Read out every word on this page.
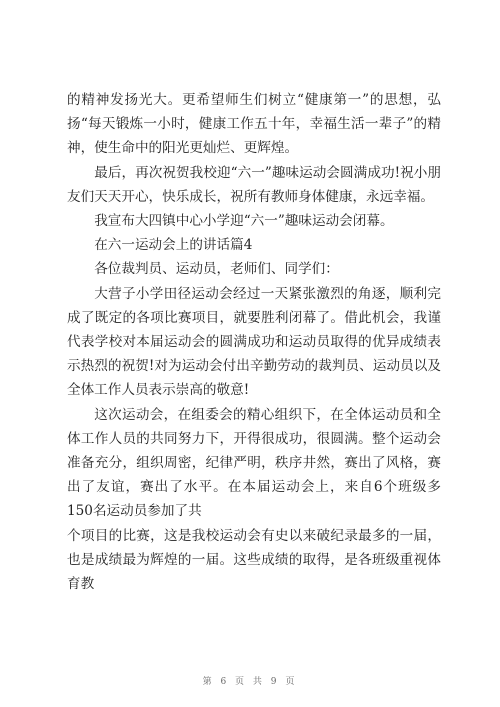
的精神发扬光大。更希望师生们树立“健康第一”的思想，弘扬“每天锻炼一小时，健康工作五十年，幸福生活一辈子”的精神，使生命中的阳光更灿烂、更辉煌。

最后，再次祝贺我校迎“六一”趣味运动会圆满成功!祝小朋友们天天开心，快乐成长，祝所有教师身体健康，永远幸福。

我宣布大四镇中心小学迎“六一”趣味运动会闭幕。

在六一运动会上的讲话篇4

各位裁判员、运动员，老师们、同学们：

大营子小学田径运动会经过一天紧张激烈的角逐，顺利完成了既定的各项比赛项目，就要胜利闭幕了。借此机会，我谨代表学校对本届运动会的圆满成功和运动员取得的优异成绩表示热烈的祝贺!对为运动会付出辛勤劳动的裁判员、运动员以及全体工作人员表示崇高的敬意!

这次运动会，在组委会的精心组织下，在全体运动员和全体工作人员的共同努力下，开得很成功，很圆满。整个运动会准备充分，组织周密，纪律严明，秩序井然，赛出了风格，赛出了友谊，赛出了水平。在本届运动会上，来自6个班级多150名运动员参加了共

个项目的比赛，这是我校运动会有史以来破纪录最多的一届，也是成绩最为辉煌的一届。这些成绩的取得，是各班级重视体育教

第 6 页 共 9 页
